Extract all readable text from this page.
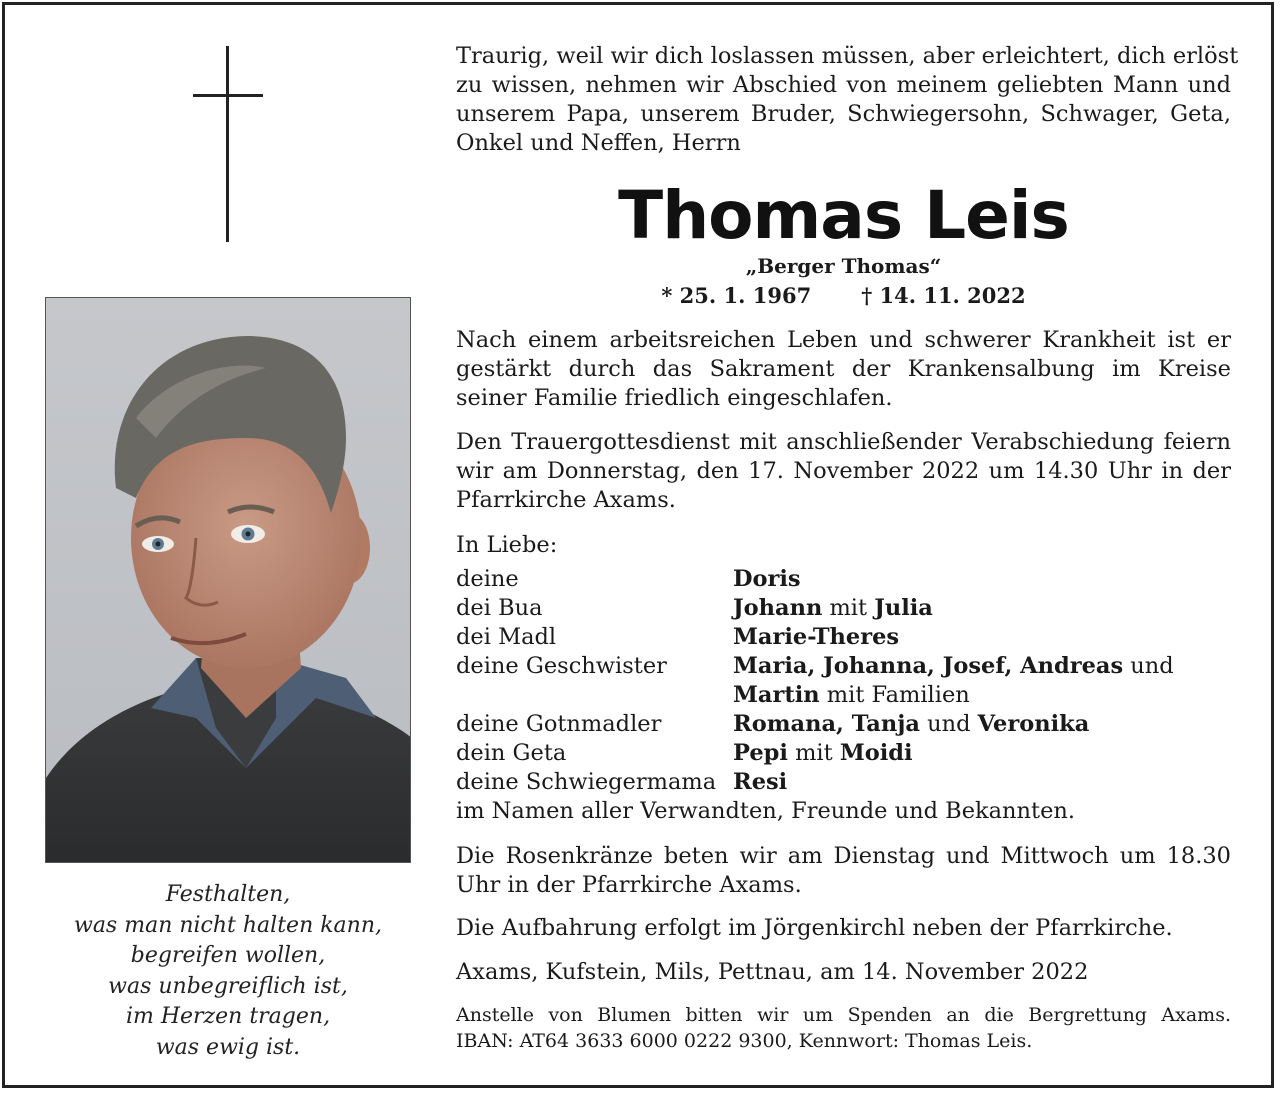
Festhalten,
was man nicht halten kann,
begreifen wollen,
was unbegreiflich ist,
im Herzen tragen,
was ewig ist.
Traurig, weil wir dich loslassen müssen, aber erleichtert, dich erlöst
zu wissen, nehmen wir Abschied von meinem geliebten Mann und
unserem Papa, unserem Bruder, Schwiegersohn, Schwager, Geta,
Onkel und Neffen, Herrn
Thomas Leis
„Berger Thomas“
* 25. 1. 1967 † 14. 11. 2022
Nach einem arbeitsreichen Leben und schwerer Krankheit ist er gestärkt durch das Sakrament der Krankensalbung im Kreise seiner Familie friedlich eingeschlafen.
Den Trauergottesdienst mit anschließender Verabschiedung feiern wir am Donnerstag, den 17. November 2022 um 14.30 Uhr in der Pfarrkirche Axams.
In Liebe:
deine	Doris
dei Bua	Johann mit Julia
dei Madl	Marie-Theres
deine Geschwister	Maria, Johanna, Josef, Andreas und
Martin mit Familien
deine Gotnmadler	Romana, Tanja und Veronika
dein Geta	Pepi mit Moidi
deine Schwiegermama Resi
im Namen aller Verwandten, Freunde und Bekannten.
Die Rosenkränze beten wir am Dienstag und Mittwoch um 18.30 Uhr in der Pfarrkirche Axams.
Die Aufbahrung erfolgt im Jörgenkirchl neben der Pfarrkirche.
Axams, Kufstein, Mils, Pettnau, am 14. November 2022
Anstelle von Blumen bitten wir um Spenden an die Bergrettung Axams.
IBAN: AT64 3633 6000 0222 9300, Kennwort: Thomas Leis.
